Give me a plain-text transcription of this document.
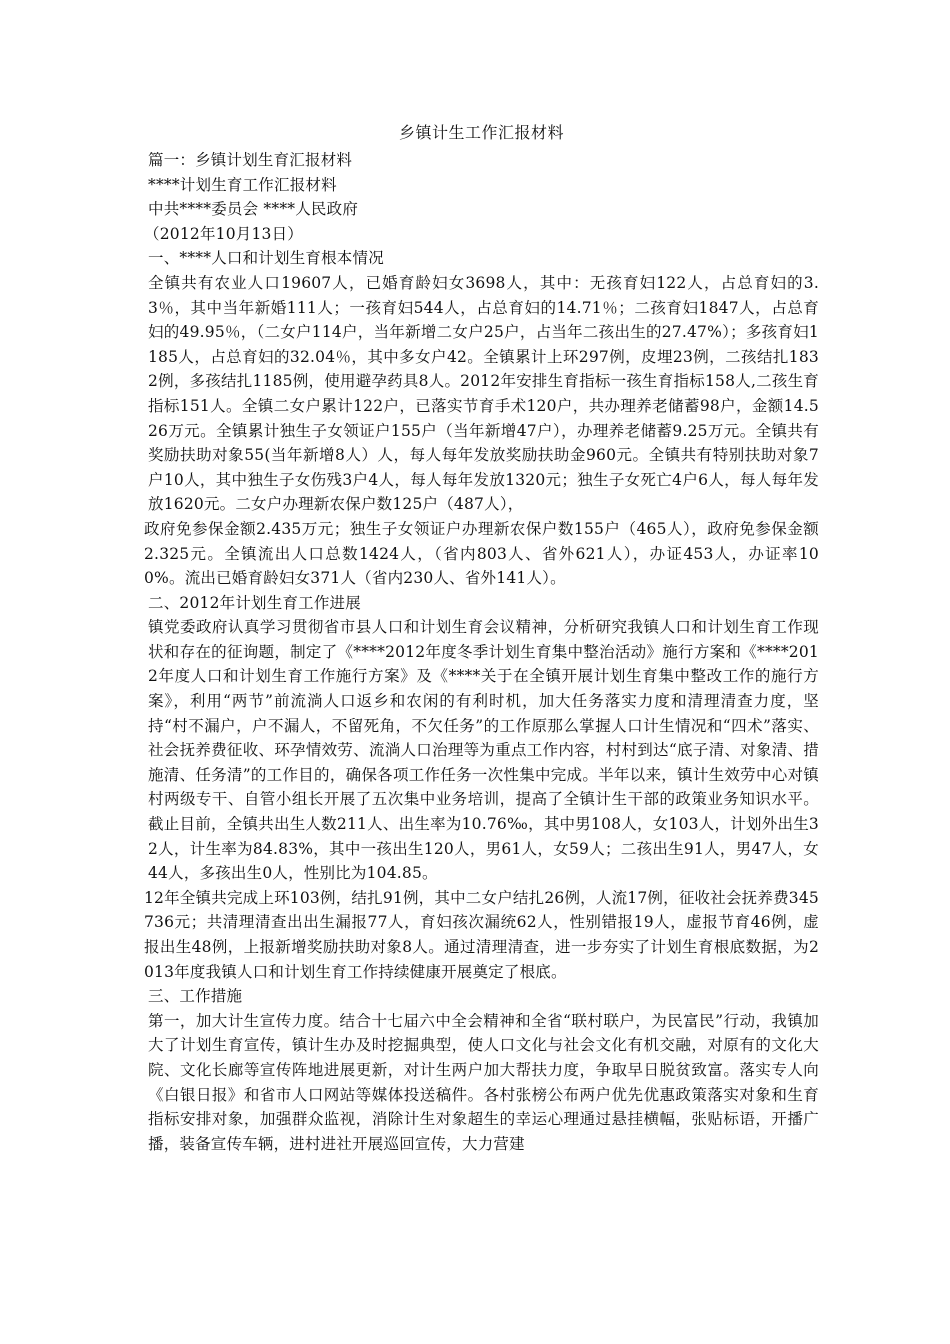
乡镇计生工作汇报材料

篇一：乡镇计划生育汇报材料

****计划生育工作汇报材料

中共****委员会 ****人民政府

（2012年10月13日）

一、****人口和计划生育根本情况

全镇共有农业人口19607人，已婚育龄妇女3698人，其中：无孩育妇122人，占总育妇的3.3％，其中当年新婚111人；一孩育妇544人，占总育妇的14.71％；二孩育妇1847人，占总育妇的49.95％，（二女户114户，当年新增二女户25户，占当年二孩出生的27.47%）；多孩育妇1185人，占总育妇的32.04％，其中多女户42。全镇累计上环297例，皮埋23例，二孩结扎1832例，多孩结扎1185例，使用避孕药具8人。2012年安排生育指标一孩生育指标158人,二孩生育指标151人。全镇二女户累计122户，已落实节育手术120户，共办理养老储蓄98户，金额14.526万元。全镇累计独生子女领证户155户（当年新增47户），办理养老储蓄9.25万元。全镇共有奖励扶助对象55(当年新增8人）人，每人每年发放奖励扶助金960元。全镇共有特别扶助对象7户10人，其中独生子女伤残3户4人，每人每年发放1320元；独生子女死亡4户6人，每人每年发放1620元。二女户办理新农保户数125户（487人），

政府免参保金额2.435万元；独生子女领证户办理新农保户数155户（465人），政府免参保金额2.325元。全镇流出人口总数1424人，（省内803人、省外621人），办证453人，办证率100%。流出已婚育龄妇女371人（省内230人、省外141人）。

二、2012年计划生育工作进展

镇党委政府认真学习贯彻省市县人口和计划生育会议精神，分析研究我镇人口和计划生育工作现状和存在的征询题，制定了《****2012年度冬季计划生育集中整治活动》施行方案和《****2012年度人口和计划生育工作施行方案》及《****关于在全镇开展计划生育集中整改工作的施行方案》，利用“两节”前流淌人口返乡和农闲的有利时机，加大任务落实力度和清理清查力度，坚持“村不漏户，户不漏人，不留死角，不欠任务”的工作原那么掌握人口计生情况和“四术”落实、社会抚养费征收、环孕情效劳、流淌人口治理等为重点工作内容，村村到达“底子清、对象清、措施清、任务清”的工作目的，确保各项工作任务一次性集中完成。半年以来，镇计生效劳中心对镇村两级专干、自管小组长开展了五次集中业务培训，提高了全镇计生干部的政策业务知识水平。截止目前，全镇共出生人数211人、出生率为10.76‰，其中男108人，女103人，计划外出生32人，计生率为84.83%，其中一孩出生120人，男61人，女59人；二孩出生91人，男47人，女44人，多孩出生0人，性别比为104.85。

12年全镇共完成上环103例，结扎91例，其中二女户结扎26例，人流17例，征收社会抚养费345736元；共清理清查出出生漏报77人，育妇孩次漏统62人，性别错报19人，虚报节育46例，虚报出生48例，上报新增奖励扶助对象8人。通过清理清查，进一步夯实了计划生育根底数据，为2013年度我镇人口和计划生育工作持续健康开展奠定了根底。

三、工作措施

第一，加大计生宣传力度。结合十七届六中全会精神和全省“联村联户，为民富民”行动，我镇加大了计划生育宣传，镇计生办及时挖掘典型，使人口文化与社会文化有机交融，对原有的文化大院、文化长廊等宣传阵地进展更新，对计生两户加大帮扶力度，争取早日脱贫致富。落实专人向《白银日报》和省市人口网站等媒体投送稿件。各村张榜公布两户优先优惠政策落实对象和生育指标安排对象，加强群众监视，消除计生对象超生的幸运心理通过悬挂横幅，张贴标语，开播广播，装备宣传车辆，进村进社开展巡回宣传，大力营建
